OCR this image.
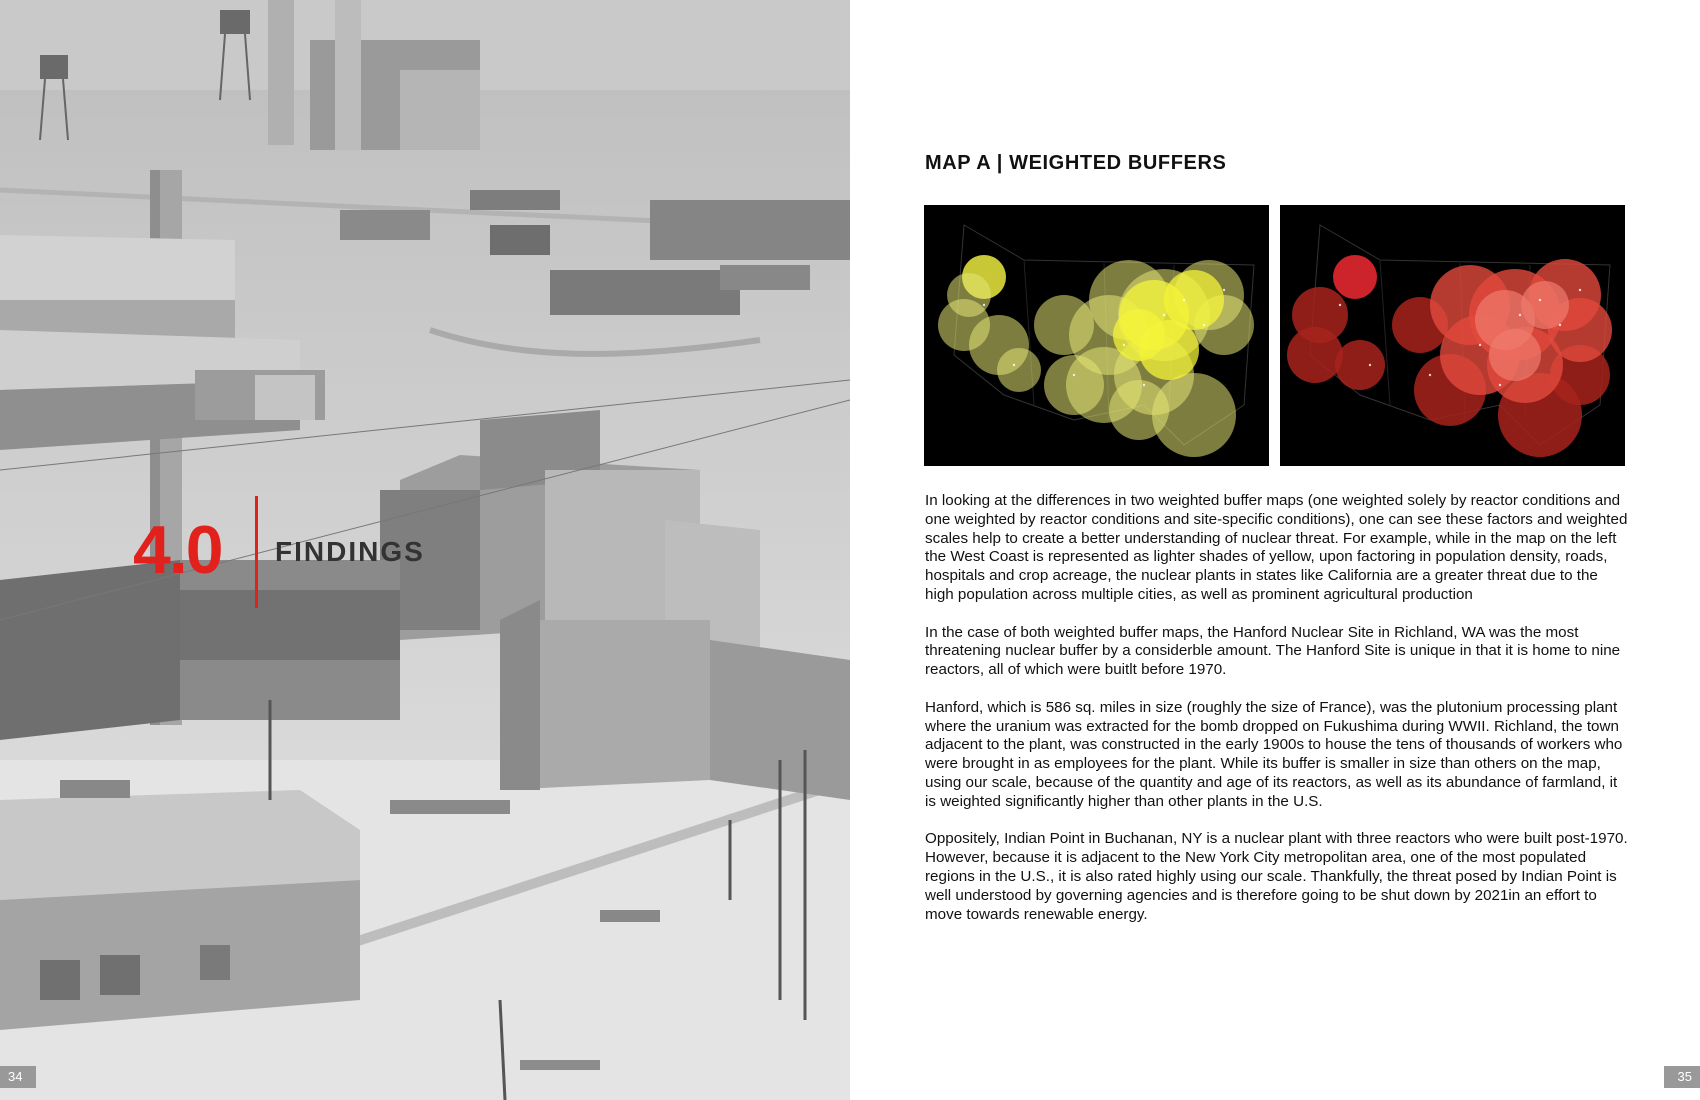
4.0 FINDINGS
34
MAP A | WEIGHTED BUFFERS

In looking at the differences in two weighted buffer maps (one weighted solely by reactor conditions and one weighted by reactor conditions and site-specific conditions), one can see these factors and weighted scales help to create a better understanding of nuclear threat. For example, while in the map on the left the West Coast is represented as lighter shades of yellow, upon factoring in population density, roads, hospitals and crop acreage, the nuclear plants in states like California are a greater threat due to the high population across multiple cities, as well as prominent agricultural production

In the case of both weighted buffer maps, the Hanford Nuclear Site in Richland, WA was the most threatening nuclear buffer by a considerble amount. The Hanford Site is unique in that it is home to nine reactors, all of which were buitlt before 1970.

Hanford, which is 586 sq. miles in size (roughly the size of France), was the plutonium processing plant where the uranium was extracted for the bomb dropped on Fukushima during WWII. Richland, the town adjacent to the plant, was constructed in the early 1900s to house the tens of thousands of workers who were brought in as employees for the plant. While its buffer is smaller in size than others on the map, using our scale, because of the quantity and age of its reactors, as well as its abundance of farmland, it is weighted significantly higher than other plants in the U.S.

Oppositely, Indian Point in Buchanan, NY is a nuclear plant with three reactors who were built post-1970. However, because it is adjacent to the New York City metropolitan area, one of the most populated regions in the U.S., it is also rated highly using our scale. Thankfully, the threat posed by Indian Point is well understood by governing agencies and is therefore going to be shut down by 2021in an effort to move towards renewable energy.

35
